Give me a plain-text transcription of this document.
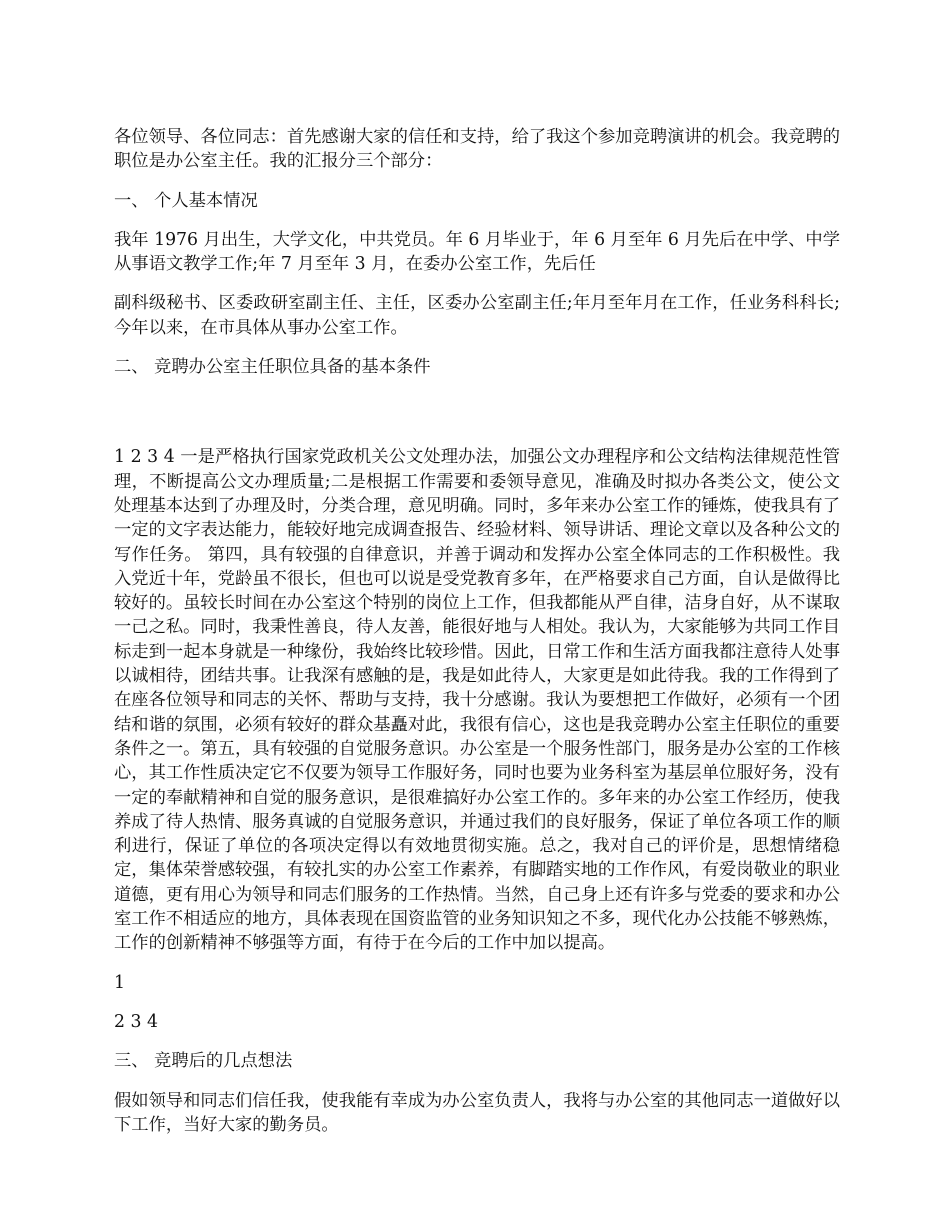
各位领导、各位同志：首先感谢大家的信任和支持，给了我这个参加竞聘演讲的机会。我竞聘的职位是办公室主任。我的汇报分三个部分：

一、 个人基本情况

我年 1976 月出生，大学文化，中共党员。年 6 月毕业于，年 6 月至年 6 月先后在中学、中学从事语文教学工作;年 7 月至年 3 月，在委办公室工作，先后任

副科级秘书、区委政研室副主任、主任，区委办公室副主任;年月至年月在工作，任业务科科长;今年以来，在市具体从事办公室工作。

二、 竞聘办公室主任职位具备的基本条件

1 2 3 4 一是严格执行国家党政机关公文处理办法，加强公文办理程序和公文结构法律规范性管理，不断提高公文办理质量;二是根据工作需要和委领导意见，准确及时拟办各类公文，使公文处理基本达到了办理及时，分类合理，意见明确。同时，多年来办公室工作的锤炼，使我具有了一定的文字表达能力，能较好地完成调查报告、经验材料、领导讲话、理论文章以及各种公文的写作任务。 第四，具有较强的自律意识，并善于调动和发挥办公室全体同志的工作积极性。我入党近十年，党龄虽不很长，但也可以说是受党教育多年，在严格要求自己方面，自认是做得比较好的。虽较长时间在办公室这个特别的岗位上工作，但我都能从严自律，洁身自好，从不谋取一己之私。同时，我秉性善良，待人友善，能很好地与人相处。我认为，大家能够为共同工作目标走到一起本身就是一种缘份，我始终比较珍惜。因此，日常工作和生活方面我都注意待人处事以诚相待，团结共事。让我深有感触的是，我是如此待人，大家更是如此待我。我的工作得到了在座各位领导和同志的关怀、帮助与支持，我十分感谢。我认为要想把工作做好，必须有一个团结和谐的氛围，必须有较好的群众基矗对此，我很有信心，这也是我竞聘办公室主任职位的重要条件之一。第五，具有较强的自觉服务意识。办公室是一个服务性部门，服务是办公室的工作核心，其工作性质决定它不仅要为领导工作服好务，同时也要为业务科室为基层单位服好务，没有一定的奉献精神和自觉的服务意识，是很难搞好办公室工作的。多年来的办公室工作经历，使我养成了待人热情、服务真诚的自觉服务意识，并通过我们的良好服务，保证了单位各项工作的顺利进行，保证了单位的各项决定得以有效地贯彻实施。总之，我对自己的评价是，思想情绪稳定，集体荣誉感较强，有较扎实的办公室工作素养，有脚踏实地的工作作风，有爱岗敬业的职业道德，更有用心为领导和同志们服务的工作热情。当然，自己身上还有许多与党委的要求和办公室工作不相适应的地方，具体表现在国资监管的业务知识知之不多，现代化办公技能不够熟炼，工作的创新精神不够强等方面，有待于在今后的工作中加以提高。

1

2 3 4

三、 竞聘后的几点想法

假如领导和同志们信任我，使我能有幸成为办公室负责人，我将与办公室的其他同志一道做好以下工作，当好大家的勤务员。
